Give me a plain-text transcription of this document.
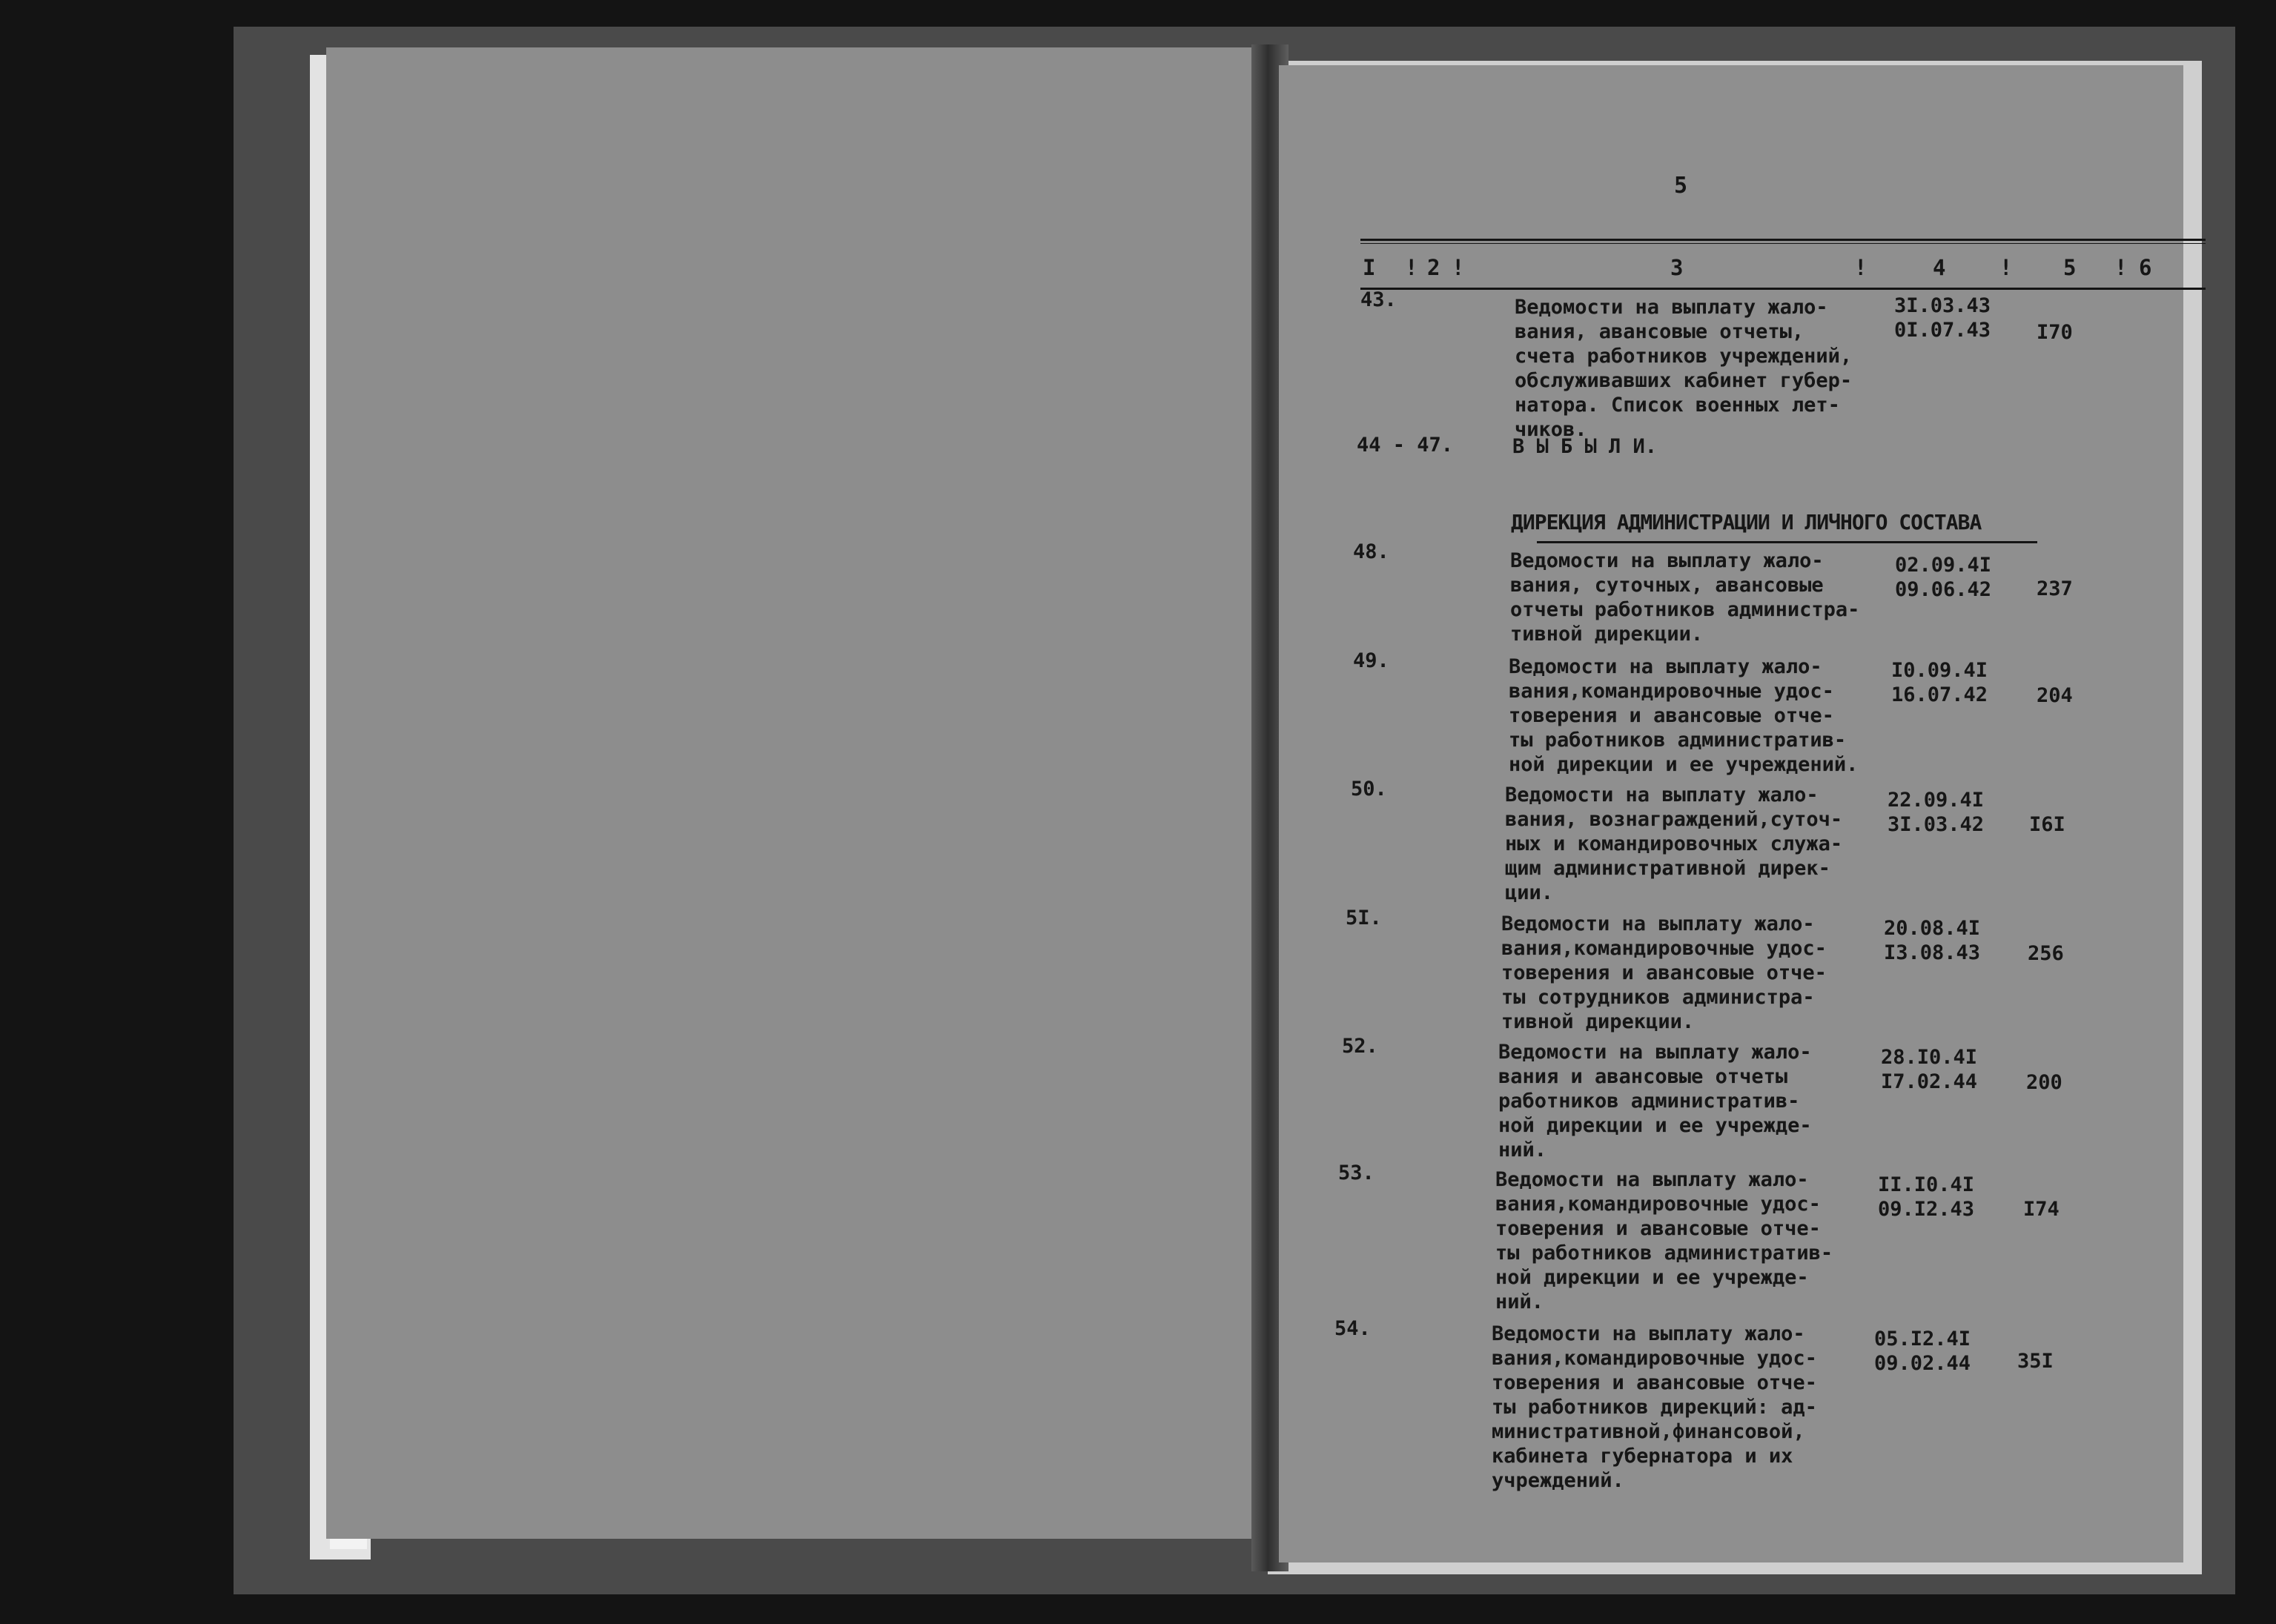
5
I ! 2 !	3	!	4	! 5 ! 6
43.	Ведомости на выплату жало-
вания, авансовые отчеты,
счета работников учреждений,
обслуживавших кабинет губер-
натора. Список военных лет-
чиков.
3I.03.43
0I.07.43 I70
44 - 47.	В Ы Б Ы Л И.
ДИРЕКЦИЯ АДМИНИСТРАЦИИ И ЛИЧНОГО СОСТАВА
48.	Ведомости на выплату жало-
вания, суточных, авансовые
отчеты работников администра-
тивной дирекции.
02.09.4I
09.06.42 237
49.	Ведомости на выплату жало-
вания,командировочные удос-
товерения и авансовые отче-
ты работников административ-
ной дирекции и ее учреждений.
I0.09.4I
16.07.42 204
50.	Ведомости на выплату жало-
вания, вознаграждений,суточ-
ных и командировочных служа-
щим административной дирек-
ции.
22.09.4I
3I.03.42 I6I
5I.	Ведомости на выплату жало-
вания,командировочные удос-
товерения и авансовые отче-
ты сотрудников администра-
тивной дирекции.
20.08.4I
I3.08.43 256
52.	Ведомости на выплату жало-
вания и авансовые отчеты
работников административ-
ной дирекции и ее учрежде-
ний.
28.I0.4I
I7.02.44 200
53.	Ведомости на выплату жало-
вания,командировочные удос-
товерения и авансовые отче-
ты работников административ-
ной дирекции и ее учрежде-
ний.
II.I0.4I
09.I2.43 I74
54.	Ведомости на выплату жало-
вания,командировочные удос-
товерения и авансовые отче-
ты работников дирекций: ад-
министративной,финансовой,
кабинета губернатора и их
учреждений.
05.I2.4I
09.02.44 35I
